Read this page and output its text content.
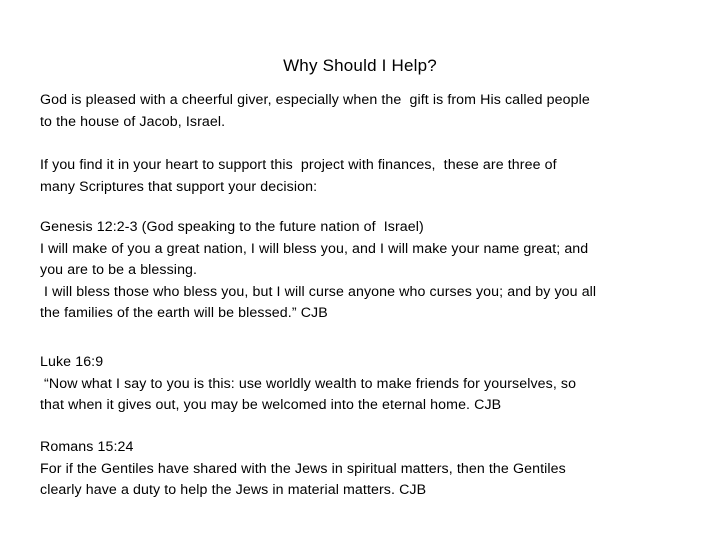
Why Should I Help?
God is pleased with a cheerful giver, especially when the  gift is from His called people
to the house of Jacob, Israel.
If you find it in your heart to support this  project with finances,  these are three of
many Scriptures that support your decision:
Genesis 12:2-3 (God speaking to the future nation of  Israel)
I will make of you a great nation, I will bless you, and I will make your name great; and
you are to be a blessing.
I will bless those who bless you, but I will curse anyone who curses you; and by you all
the families of the earth will be blessed.” CJB
Luke 16:9
“Now what I say to you is this: use worldly wealth to make friends for yourselves, so
that when it gives out, you may be welcomed into the eternal home. CJB
Romans 15:24
For if the Gentiles have shared with the Jews in spiritual matters, then the Gentiles
clearly have a duty to help the Jews in material matters. CJB
